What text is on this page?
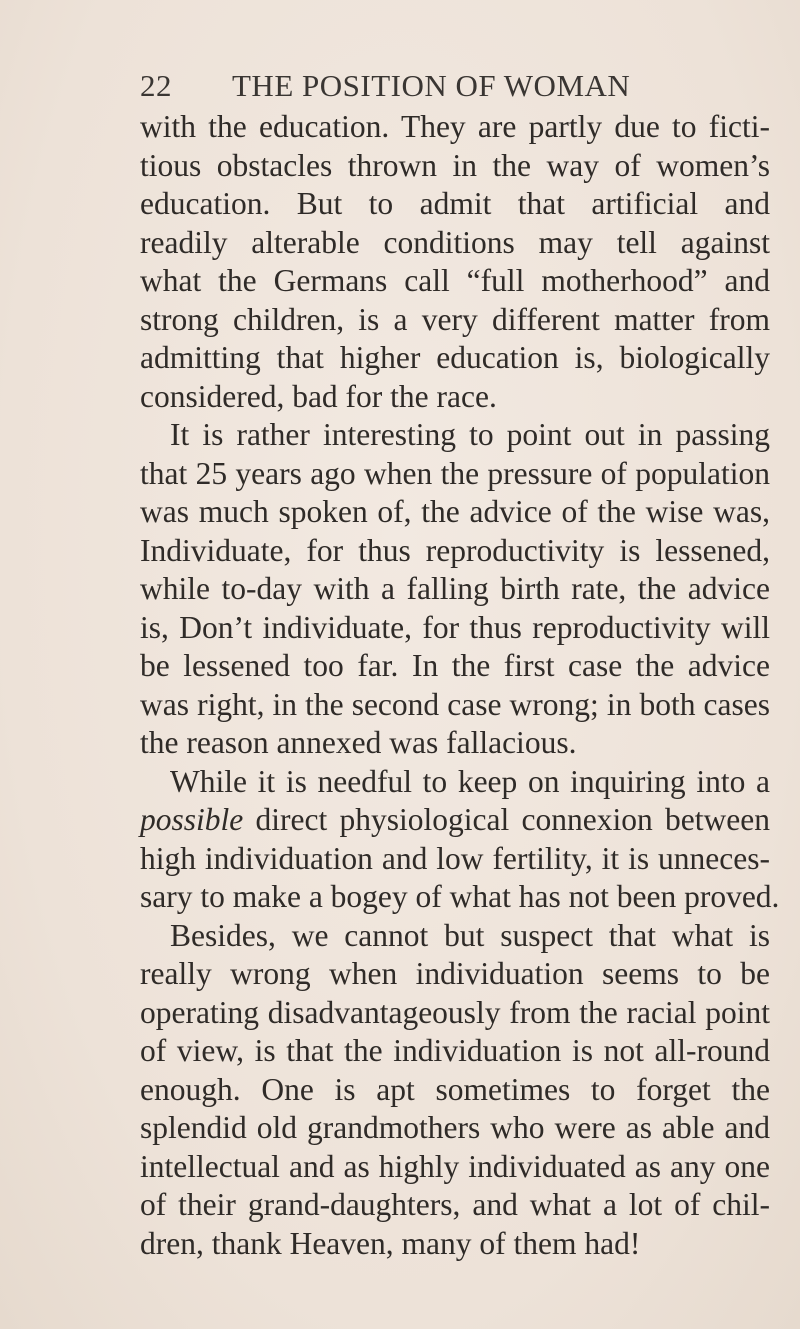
22 THE POSITION OF WOMAN
with the education. They are partly due to ficti-
tious obstacles thrown in the way of women’s
education. But to admit that artificial and
readily alterable conditions may tell against
what the Germans call “full motherhood” and
strong children, is a very different matter from
admitting that higher education is, biologically
considered, bad for the race.
It is rather interesting to point out in passing
that 25 years ago when the pressure of population
was much spoken of, the advice of the wise was,
Individuate, for thus reproductivity is lessened,
while to-day with a falling birth rate, the advice
is, Don’t individuate, for thus reproductivity will
be lessened too far. In the first case the advice
was right, in the second case wrong; in both cases
the reason annexed was fallacious.
While it is needful to keep on inquiring into a
possible direct physiological connexion between
high individuation and low fertility, it is unneces-
sary to make a bogey of what has not been proved.
Besides, we cannot but suspect that what is
really wrong when individuation seems to be
operating disadvantageously from the racial point
of view, is that the individuation is not all-round
enough. One is apt sometimes to forget the
splendid old grandmothers who were as able and
intellectual and as highly individuated as any one
of their grand-daughters, and what a lot of chil-
dren, thank Heaven, many of them had!
